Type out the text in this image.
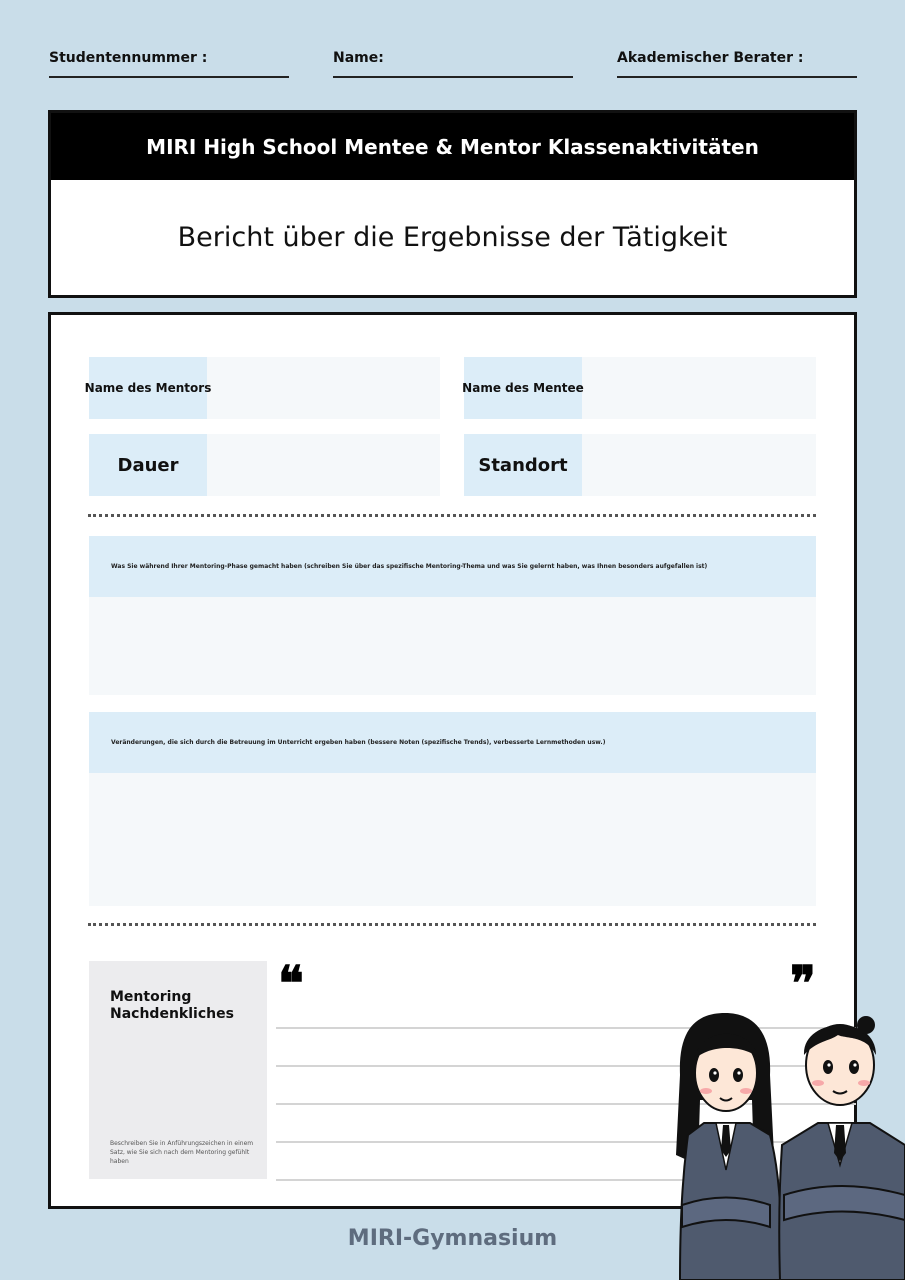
Studentennummer :	Name:	Akademischer Berater :
MIRI High School Mentee & Mentor Klassenaktivitäten
Bericht über die Ergebnisse der Tätigkeit
Name des Mentors	Name des Mentee
Dauer	Standort
Was Sie während Ihrer Mentoring-Phase gemacht haben (schreiben Sie über das spezifische Mentoring-Thema und was Sie gelernt haben, was Ihnen besonders aufgefallen ist)
Veränderungen, die sich durch die Betreuung im Unterricht ergeben haben (bessere Noten (spezifische Trends), verbesserte Lernmethoden usw.)
Mentoring Nachdenkliches
Beschreiben Sie in Anführungszeichen in einem Satz, wie Sie sich nach dem Mentoring gefühlt haben
❝	❞
MIRI-Gymnasium
